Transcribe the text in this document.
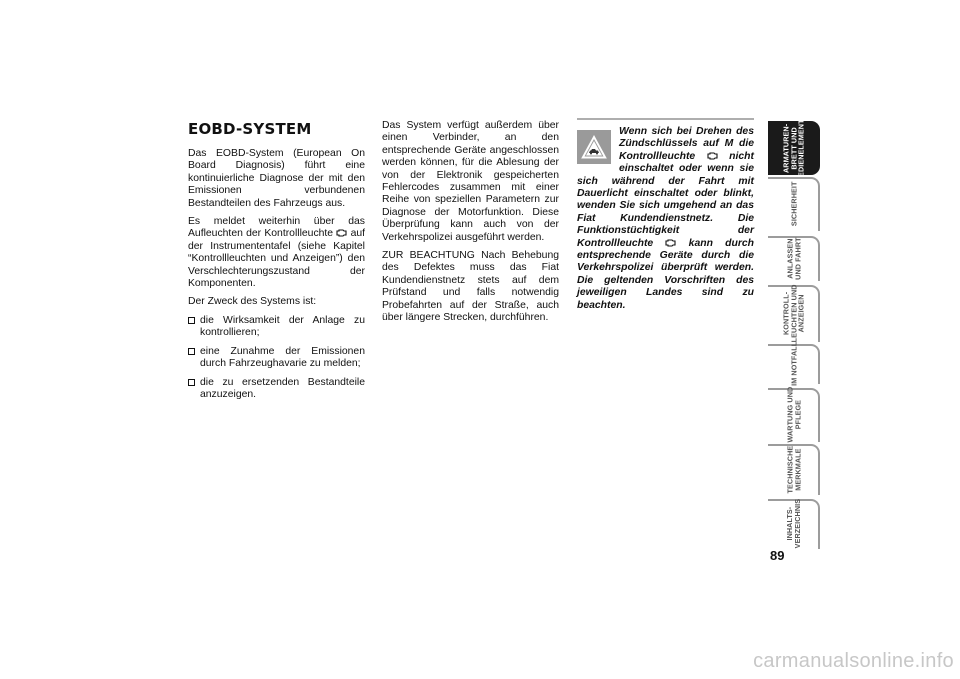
EOBD-SYSTEM

Das EOBD-System (European On Board Diagnosis) führt eine kontinuierliche Diagnose der mit den Emissionen verbundenen Bestandteilen des Fahrzeugs aus.

Es meldet weiterhin über das Aufleuchten der Kontrollleuchte auf der Instrumententafel (siehe Kapitel “Kontrollleuchten und Anzeigen”) den Verschlechterungszustand der Komponenten.

Der Zweck des Systems ist:

die Wirksamkeit der Anlage zu kontrollieren;
eine Zunahme der Emissionen durch Fahrzeughavarie zu melden;
die zu ersetzenden Bestandteile anzuzeigen.

Das System verfügt außerdem über einen Verbinder, an den entsprechende Geräte angeschlossen werden können, für die Ablesung der von der Elektronik gespeicherten Fehlercodes zusammen mit einer Reihe von speziellen Parametern zur Diagnose der Motorfunktion. Diese Überprüfung kann auch von der Verkehrspolizei ausgeführt werden.

ZUR BEACHTUNG Nach Behebung des Defektes muss das Fiat Kundendienstnetz stets auf dem Prüfstand und falls notwendig Probefahrten auf der Straße, auch über längere Strecken, durchführen.

Wenn sich bei Drehen des Zündschlüssels auf M die Kontrollleuchte	nicht einschaltet oder wenn sie sich während der Fahrt mit Dauerlicht einschaltet oder blinkt, wenden Sie sich umgehend an das Fiat Kundendienstnetz. Die Funktionstüchtigkeit der Kontrollleuchte	kann durch entsprechende Geräte durch die Verkehrspolizei überprüft werden. Die geltenden Vorschriften des jeweiligen Landes sind zu beachten.
ARMATUREN-
BRETT UND
BEDIENELEMENTE
SICHERHEIT
ANLASSEN
UND FAHRT
KONTROLL-
LEUCHTEN UND
ANZEIGEN
IM NOTFALL
WARTUNG UND
PFLEGE
TECHNISCHE
MERKMALE
INHALTS-
VERZEICHNIS
89
carmanualsonline.info
